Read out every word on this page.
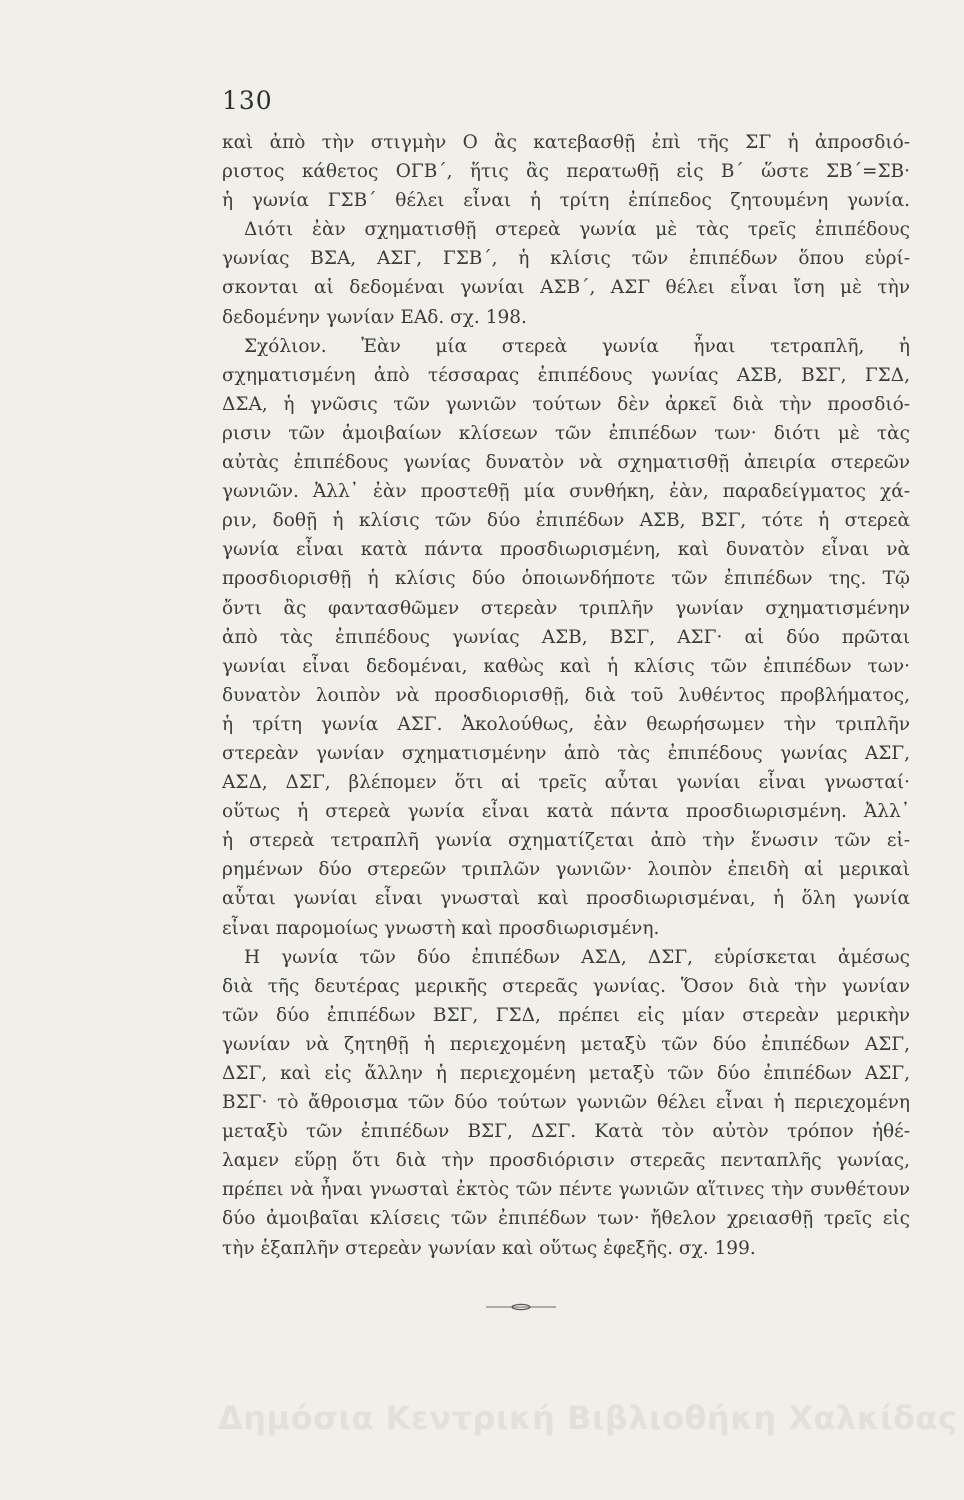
130
καὶ ἀπὸ τὴν στιγμὴν Ο ἂς κατεβασθῇ ἐπὶ τῆς ΣΓ ἡ ἀπροσδιό-
ριστος κάθετος ΟΓΒ΄, ἥτις ἂς περατωθῇ εἰς Β΄ ὥστε ΣΒ΄=ΣΒ·
ἡ γωνία ΓΣΒ΄ θέλει εἶναι ἡ τρίτη ἐπίπεδος ζητουμένη γωνία.
Διότι ἐὰν σχηματισθῇ στερεὰ γωνία μὲ τὰς τρεῖς ἐπιπέδους
γωνίας ΒΣΑ, ΑΣΓ, ΓΣΒ΄, ἡ κλίσις τῶν ἐπιπέδων ὅπου εὑρί-
σκονται αἱ δεδομέναι γωνίαι ΑΣΒ΄, ΑΣΓ θέλει εἶναι ἴση μὲ τὴν
δεδομένην γωνίαν ΕΑδ. σχ. 198.
Σχόλιον. Ἐὰν μία στερεὰ γωνία ἦναι τετραπλῆ, ἡ
σχηματισμένη ἀπὸ τέσσαρας ἐπιπέδους γωνίας ΑΣΒ, ΒΣΓ, ΓΣΔ,
ΔΣΑ, ἡ γνῶσις τῶν γωνιῶν τούτων δὲν ἀρκεῖ διὰ τὴν προσδιό-
ρισιν τῶν ἀμοιβαίων κλίσεων τῶν ἐπιπέδων των· διότι μὲ τὰς
αὐτὰς ἐπιπέδους γωνίας δυνατὸν νὰ σχηματισθῇ ἀπειρία στερεῶν
γωνιῶν. Ἀλλ᾽ ἐὰν προστεθῇ μία συνθήκη, ἐὰν, παραδείγματος χά-
ριν, δοθῇ ἡ κλίσις τῶν δύο ἐπιπέδων ΑΣΒ, ΒΣΓ, τότε ἡ στερεὰ
γωνία εἶναι κατὰ πάντα προσδιωρισμένη, καὶ δυνατὸν εἶναι νὰ
προσδιορισθῇ ἡ κλίσις δύο ὁποιωνδήποτε τῶν ἐπιπέδων της. Τῷ
ὄντι ἂς φαντασθῶμεν στερεὰν τριπλῆν γωνίαν σχηματισμένην
ἀπὸ τὰς ἐπιπέδους γωνίας ΑΣΒ, ΒΣΓ, ΑΣΓ· αἱ δύο πρῶται
γωνίαι εἶναι δεδομέναι, καθὼς καὶ ἡ κλίσις τῶν ἐπιπέδων των·
δυνατὸν λοιπὸν νὰ προσδιορισθῇ, διὰ τοῦ λυθέντος προβλήματος,
ἡ τρίτη γωνία ΑΣΓ. Ἀκολούθως, ἐὰν θεωρήσωμεν τὴν τριπλῆν
στερεὰν γωνίαν σχηματισμένην ἀπὸ τὰς ἐπιπέδους γωνίας ΑΣΓ,
ΑΣΔ, ΔΣΓ, βλέπομεν ὅτι αἱ τρεῖς αὗται γωνίαι εἶναι γνωσταί·
οὕτως ἡ στερεὰ γωνία εἶναι κατὰ πάντα προσδιωρισμένη. Ἀλλ᾽
ἡ στερεὰ τετραπλῆ γωνία σχηματίζεται ἀπὸ τὴν ἕνωσιν τῶν εἰ-
ρημένων δύο στερεῶν τριπλῶν γωνιῶν· λοιπὸν ἐπειδὴ αἱ μερικαὶ
αὗται γωνίαι εἶναι γνωσταὶ καὶ προσδιωρισμέναι, ἡ ὅλη γωνία
εἶναι παρομοίως γνωστὴ καὶ προσδιωρισμένη.
Η γωνία τῶν δύο ἐπιπέδων ΑΣΔ, ΔΣΓ, εὑρίσκεται ἀμέσως
διὰ τῆς δευτέρας μερικῆς στερεᾶς γωνίας. Ὅσον διὰ τὴν γωνίαν
τῶν δύο ἐπιπέδων ΒΣΓ, ΓΣΔ, πρέπει εἰς μίαν στερεὰν μερικὴν
γωνίαν νὰ ζητηθῇ ἡ περιεχομένη μεταξὺ τῶν δύο ἐπιπέδων ΑΣΓ,
ΔΣΓ, καὶ εἰς ἄλλην ἡ περιεχομένη μεταξὺ τῶν δύο ἐπιπέδων ΑΣΓ,
ΒΣΓ· τὸ ἄθροισμα τῶν δύο τούτων γωνιῶν θέλει εἶναι ἡ περιεχομένη
μεταξὺ τῶν ἐπιπέδων ΒΣΓ, ΔΣΓ. Κατὰ τὸν αὐτὸν τρόπον ἠθέ-
λαμεν εὕρῃ ὅτι διὰ τὴν προσδιόρισιν στερεᾶς πενταπλῆς γωνίας,
πρέπει νὰ ἦναι γνωσταὶ ἐκτὸς τῶν πέντε γωνιῶν αἵτινες τὴν συνθέτουν
δύο ἀμοιβαῖαι κλίσεις τῶν ἐπιπέδων των· ἤθελον χρειασθῇ τρεῖς εἰς
τὴν ἑξαπλῆν στερεὰν γωνίαν καὶ οὕτως ἐφεξῆς. σχ. 199.
Δημόσια Κεντρική Βιβλιοθήκη Χαλκίδας
